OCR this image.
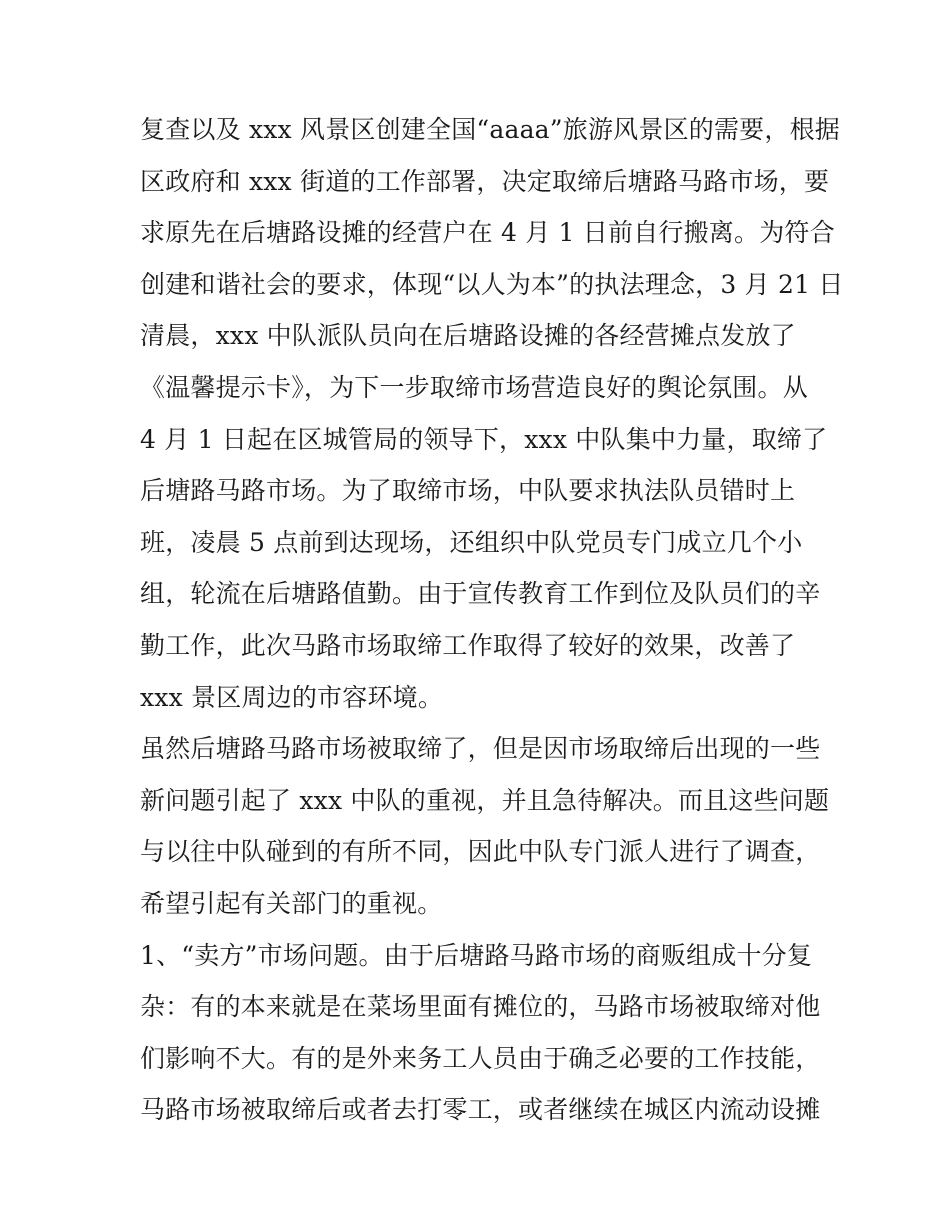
复查以及 xxx 风景区创建全国“aaaa”旅游风景区的需要，根据
区政府和 xxx 街道的工作部署，决定取缔后塘路马路市场，要
求原先在后塘路设摊的经营户在 4 月 1 日前自行搬离。为符合
创建和谐社会的要求，体现“以人为本”的执法理念，3 月 21 日
清晨，xxx 中队派队员向在后塘路设摊的各经营摊点发放了
《温馨提示卡》，为下一步取缔市场营造良好的舆论氛围。从
4 月 1 日起在区城管局的领导下，xxx 中队集中力量，取缔了
后塘路马路市场。为了取缔市场，中队要求执法队员错时上
班，凌晨 5 点前到达现场，还组织中队党员专门成立几个小
组，轮流在后塘路值勤。由于宣传教育工作到位及队员们的辛
勤工作，此次马路市场取缔工作取得了较好的效果，改善了
xxx 景区周边的市容环境。
虽然后塘路马路市场被取缔了，但是因市场取缔后出现的一些
新问题引起了 xxx 中队的重视，并且急待解决。而且这些问题
与以往中队碰到的有所不同，因此中队专门派人进行了调查，
希望引起有关部门的重视。
1、“卖方”市场问题。由于后塘路马路市场的商贩组成十分复
杂：有的本来就是在菜场里面有摊位的，马路市场被取缔对他
们影响不大。有的是外来务工人员由于确乏必要的工作技能，
马路市场被取缔后或者去打零工，或者继续在城区内流动设摊
